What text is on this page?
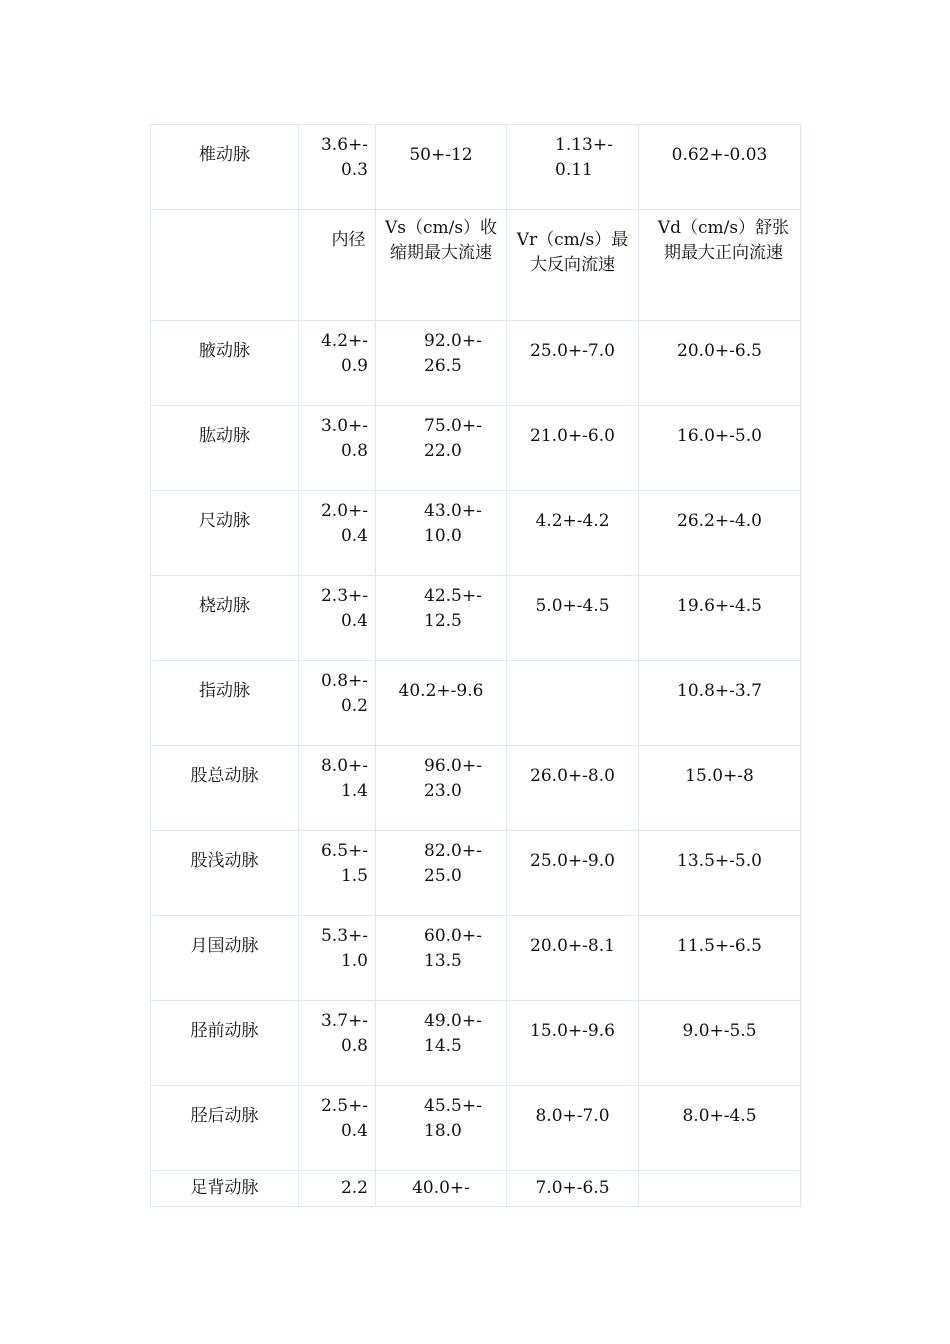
椎动脉	3.6+-0.3	50+-12	1.13+-0.11	0.62+-0.03

	内径	Vs（cm/s）收缩期最大流速	Vr（cm/s）最大反向流速	Vd（cm/s）舒张期最大正向流速

腋动脉	4.2+-0.9	92.0+-26.5	25.0+-7.0	20.0+-6.5

肱动脉	3.0+-0.8	75.0+-22.0	21.0+-6.0	16.0+-5.0

尺动脉	2.0+-0.4	43.0+-10.0	4.2+-4.2	26.2+-4.0

桡动脉	2.3+-0.4	42.5+-12.5	5.0+-4.5	19.6+-4.5

指动脉	0.8+-0.2	40.2+-9.6		10.8+-3.7

股总动脉	8.0+-1.4	96.0+-23.0	26.0+-8.0	15.0+-8

股浅动脉	6.5+-1.5	82.0+-25.0	25.0+-9.0	13.5+-5.0

月国动脉	5.3+-1.0	60.0+-13.5	20.0+-8.1	11.5+-6.5

胫前动脉	3.7+-0.8	49.0+-14.5	15.0+-9.6	9.0+-5.5

胫后动脉	2.5+-0.4	45.5+-18.0	8.0+-7.0	8.0+-4.5

足背动脉	2.2	40.0+-	7.0+-6.5	
